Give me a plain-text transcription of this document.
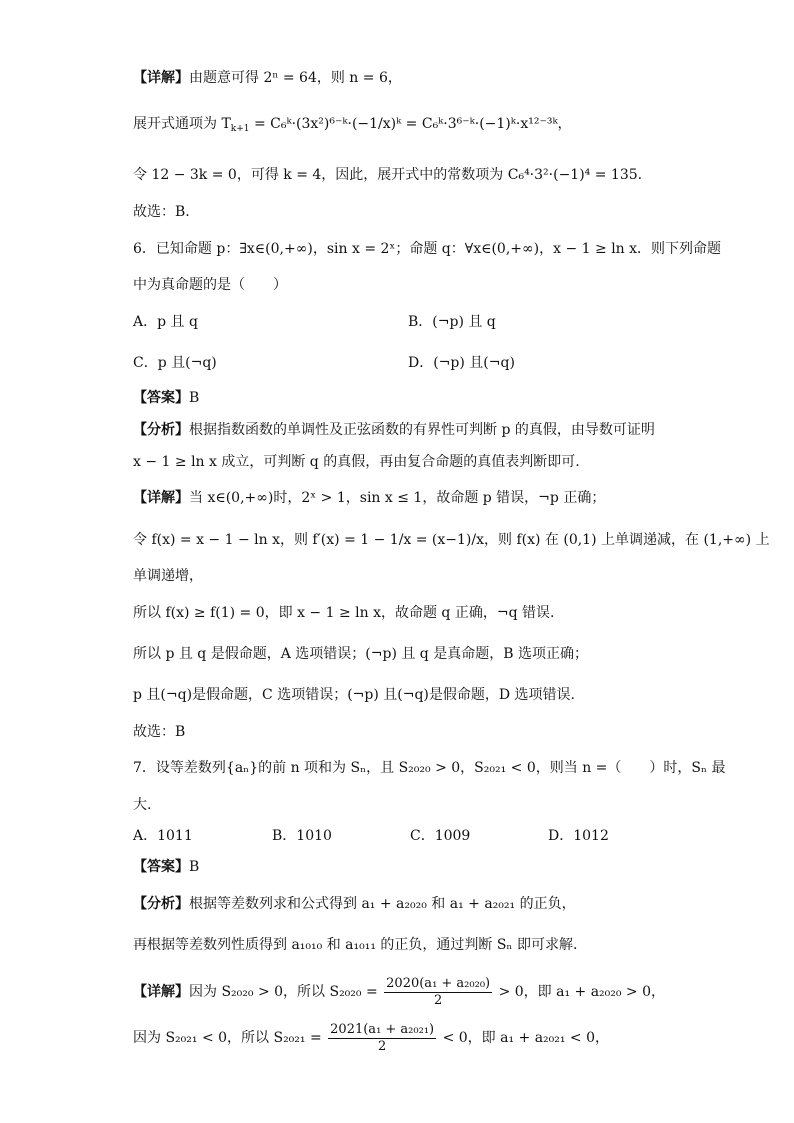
【详解】由题意可得 2ⁿ = 64，则 n = 6，
展开式通项为 $T_{k+1}$ = C₆ᵏ·(3x²)⁶⁻ᵏ·(−1/x)ᵏ = C₆ᵏ·3⁶⁻ᵏ·(−1)ᵏ·x¹²⁻³ᵏ，
令 12 − 3k = 0，可得 k = 4，因此，展开式中的常数项为 C₆⁴·3²·(−1)⁴ = 135.
故选：B.
6．已知命题 p：∃x∈(0,+∞)，sin x = 2ˣ；命题 q：∀x∈(0,+∞)，x − 1 ≥ ln x．则下列命题
中为真命题的是（　　）
A．p 且 q	B．(¬p) 且 q
C．p 且(¬q)	D．(¬p) 且(¬q)
【答案】B
【分析】根据指数函数的单调性及正弦函数的有界性可判断 p 的真假，由导数可证明
x − 1 ≥ ln x 成立，可判断 q 的真假，再由复合命题的真值表判断即可.
【详解】当 x∈(0,+∞)时，2ˣ > 1，sin x ≤ 1，故命题 p 错误，¬p 正确；
令 f(x) = x − 1 − ln x，则 f′(x) = 1 − 1/x = (x−1)/x，则 f(x) 在 (0,1) 上单调递减，在 (1,+∞) 上
单调递增，
所以 f(x) ≥ f(1) = 0，即 x − 1 ≥ ln x，故命题 q 正确，¬q 错误.
所以 p 且 q 是假命题，A 选项错误；(¬p) 且 q 是真命题，B 选项正确；
p 且(¬q)是假命题，C 选项错误；(¬p) 且(¬q)是假命题，D 选项错误.
故选：B
7．设等差数列{aₙ}的前 n 项和为 Sₙ，且 S₂₀₂₀ > 0，S₂₀₂₁ < 0，则当 n =（　　）时，Sₙ 最
大.
A．1011	B．1010	C．1009	D．1012
【答案】B
【分析】根据等差数列求和公式得到 a₁ + a₂₀₂₀ 和 a₁ + a₂₀₂₁ 的正负，
再根据等差数列性质得到 a₁₀₁₀ 和 a₁₀₁₁ 的正负，通过判断 Sₙ 即可求解.
【详解】因为 S₂₀₂₀ > 0，所以 $S_{2020} = \frac{\text{2020(a₁ + a₂₀₂₀)}}{2} > 0$，即 a₁ + a₂₀₂₀ > 0，
因为 S₂₀₂₁ < 0，所以 $S_{2021} = \frac{\text{2021(a₁ + a₂₀₂₁)}}{2} < 0$，即 a₁ + a₂₀₂₁ < 0，
